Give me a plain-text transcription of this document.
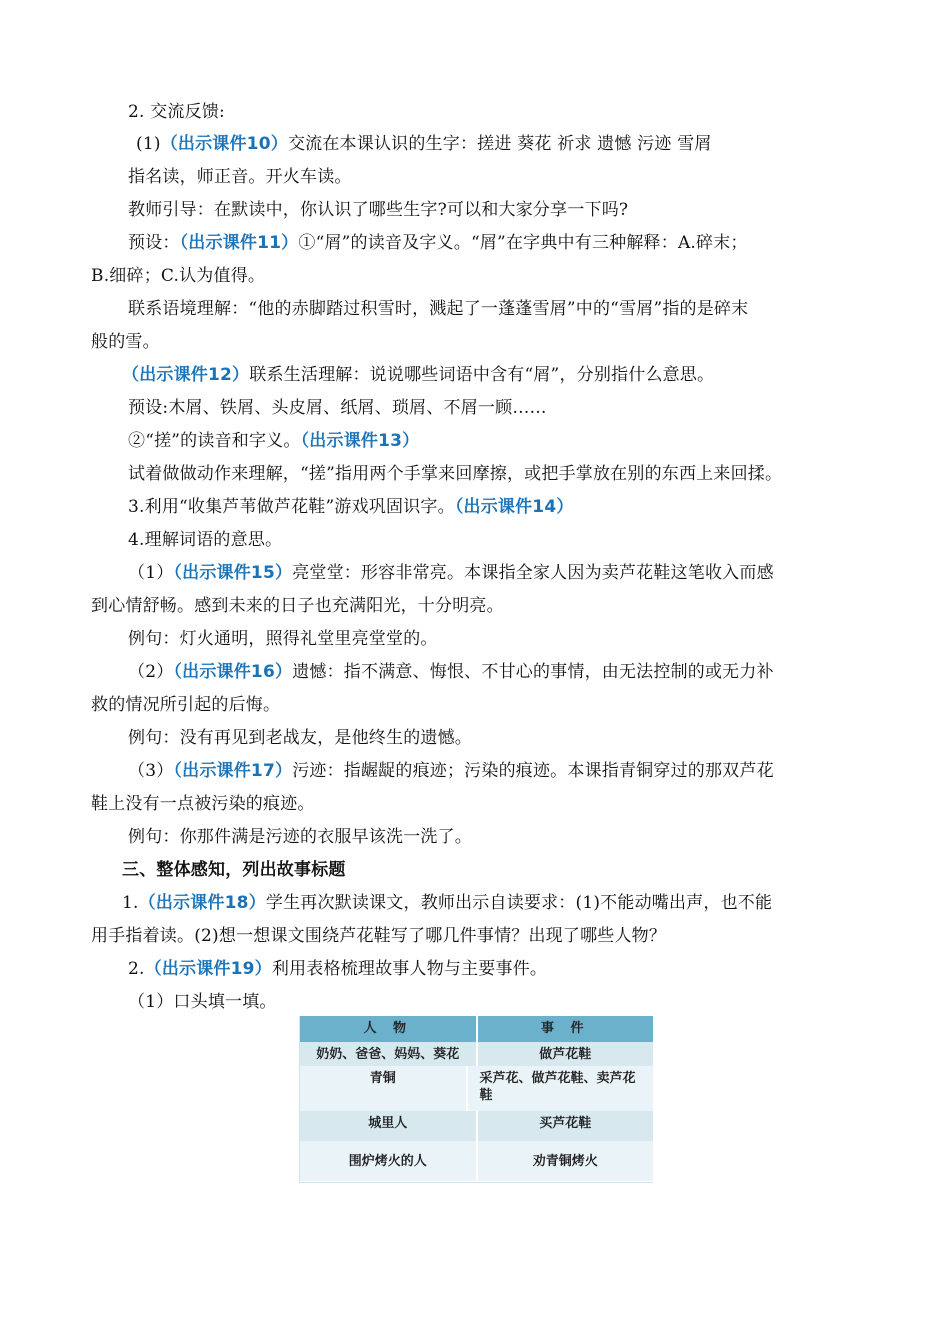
2. 交流反馈:
(1)（出示课件10）交流在本课认识的生字：搓进 葵花 祈求 遗憾 污迹 雪屑
指名读，师正音。开火车读。
教师引导：在默读中，你认识了哪些生字?可以和大家分享一下吗?
预设：（出示课件11）①“屑”的读音及字义。“屑”在字典中有三种解释：A.碎末；
B.细碎；C.认为值得。
联系语境理解：“他的赤脚踏过积雪时，溅起了一蓬蓬雪屑”中的“雪屑”指的是碎末
般的雪。
（出示课件12）联系生活理解：说说哪些词语中含有“屑”，分别指什么意思。
预设:木屑、铁屑、头皮屑、纸屑、琐屑、不屑一顾……
②“搓”的读音和字义。（出示课件13）
试着做做动作来理解，“搓”指用两个手掌来回摩擦，或把手掌放在别的东西上来回揉。
3.利用“收集芦苇做芦花鞋”游戏巩固识字。（出示课件14）
4.理解词语的意思。
（1）（出示课件15）亮堂堂：形容非常亮。本课指全家人因为卖芦花鞋这笔收入而感
到心情舒畅。感到未来的日子也充满阳光，十分明亮。
例句：灯火通明，照得礼堂里亮堂堂的。
（2）（出示课件16）遗憾：指不满意、悔恨、不甘心的事情，由无法控制的或无力补
救的情况所引起的后悔。
例句：没有再见到老战友，是他终生的遗憾。
（3）（出示课件17）污迹：指龌龊的痕迹；污染的痕迹。本课指青铜穿过的那双芦花
鞋上没有一点被污染的痕迹。
例句：你那件满是污迹的衣服早该洗一洗了。
三、整体感知，列出故事标题
1.（出示课件18）学生再次默读课文，教师出示自读要求：(1)不能动嘴出声，也不能
用手指着读。(2)想一想课文围绕芦花鞋写了哪几件事情？出现了哪些人物？
2.（出示课件19）利用表格梳理故事人物与主要事件。
（1）口头填一填。
人 物	事 件
奶奶、爸爸、妈妈、葵花	做芦花鞋
青铜	采芦花、做芦花鞋、卖芦花鞋
城里人	买芦花鞋
围炉烤火的人	劝青铜烤火
